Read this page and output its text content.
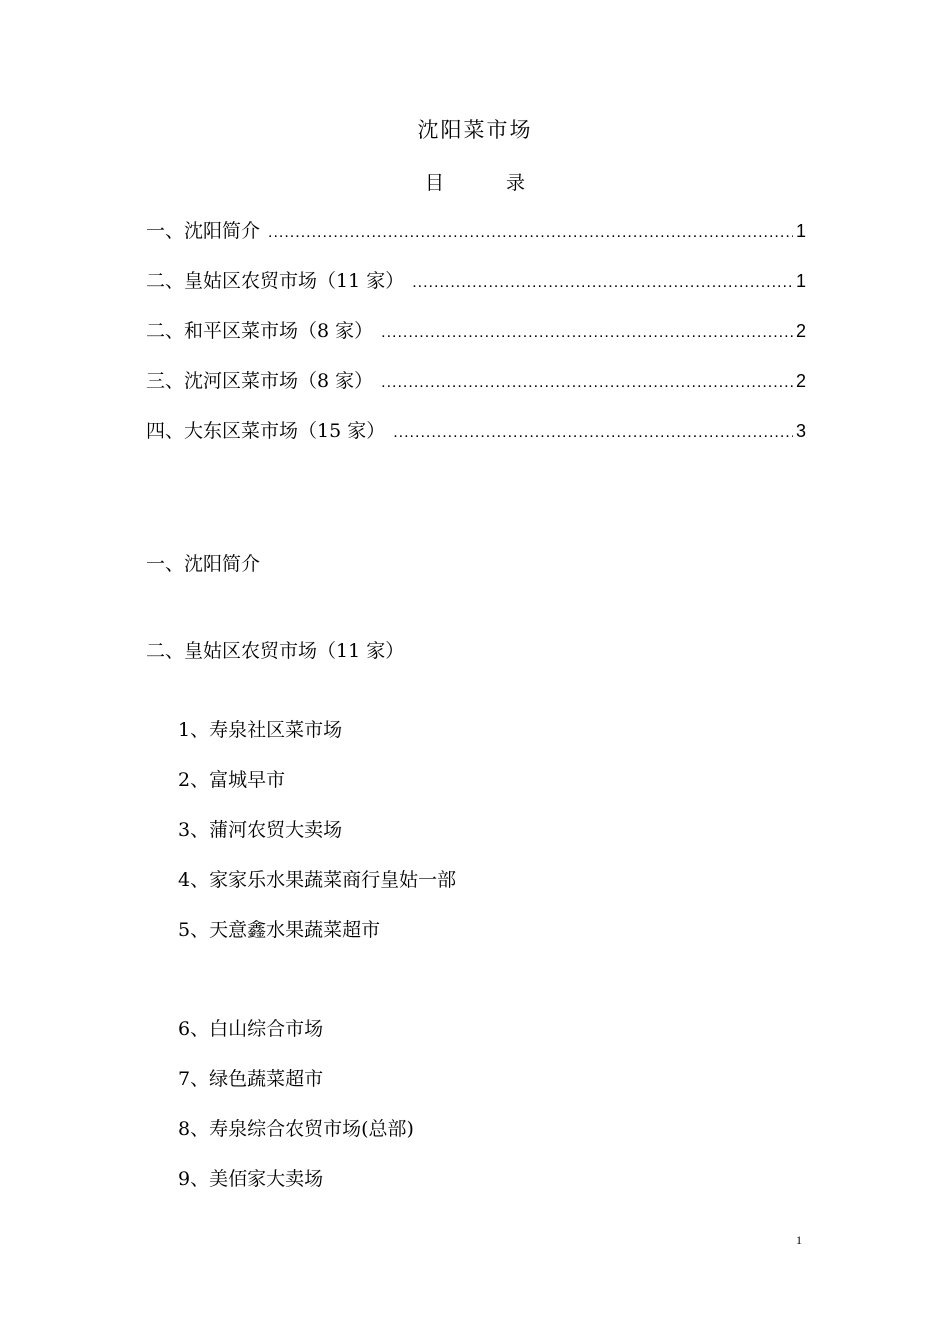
沈阳菜市场
目 录
一、沈阳简介 .....	1
二、皇姑区农贸市场（11 家） .....	1
二、和平区菜市场（8 家） .....	2
三、沈河区菜市场（8 家） .....	2
四、大东区菜市场（15 家） .....	3
一、沈阳简介
二、皇姑区农贸市场（11 家）
1、寿泉社区菜市场
2、富城早市
3、蒲河农贸大卖场
4、家家乐水果蔬菜商行皇姑一部
5、天意鑫水果蔬菜超市
6、白山综合市场
7、绿色蔬菜超市
8、寿泉综合农贸市场(总部)
9、美佰家大卖场
1
